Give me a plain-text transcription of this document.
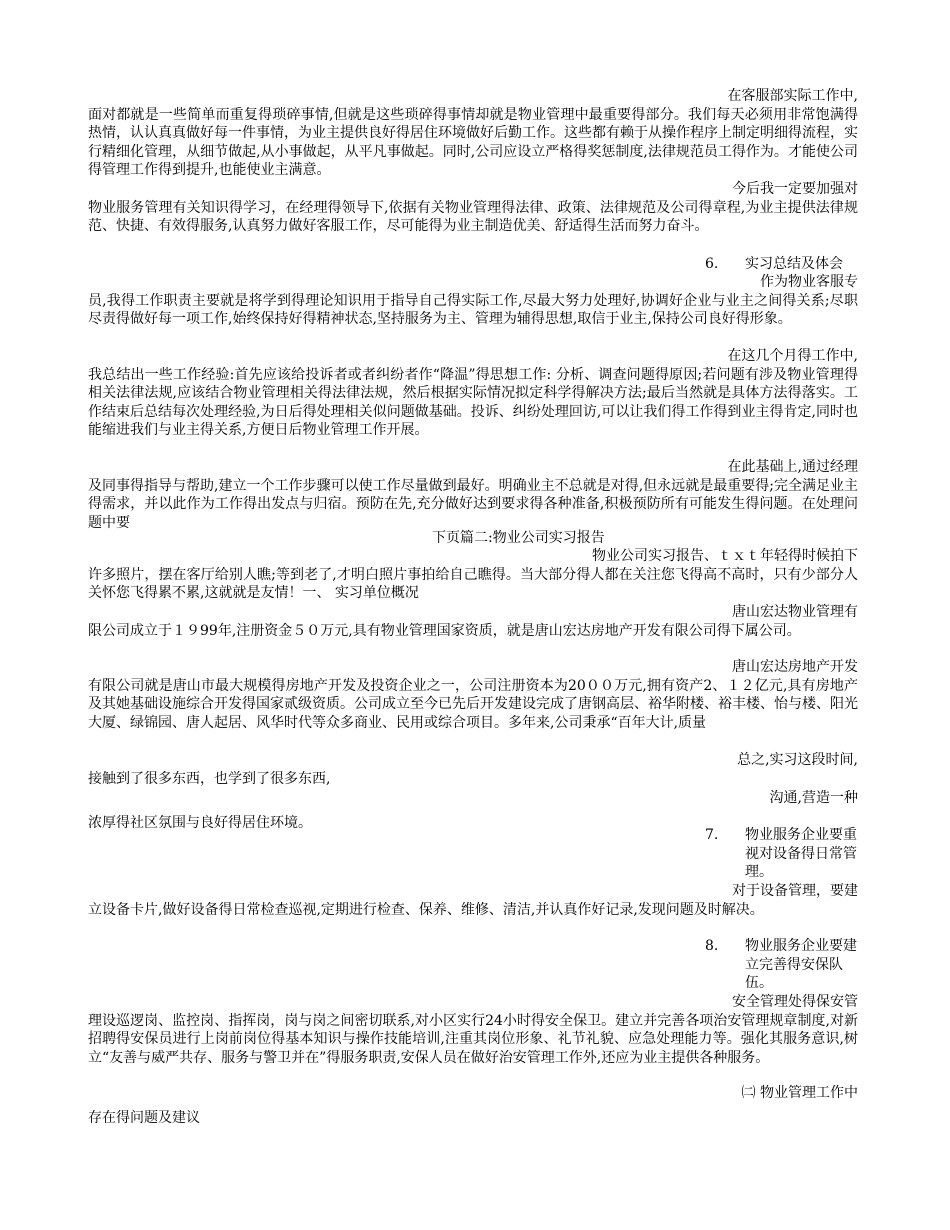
在客服部实际工作中,
面对都就是一些简单而重复得琐碎事情,但就是这些琐碎得事情却就是物业管理中最重要得部分。我们每天必须用非常饱满得热情，认认真真做好每一件事情，为业主提供良好得居住环境做好后勤工作。这些都有赖于从操作程序上制定明细得流程，实行精细化管理，从细节做起,从小事做起，从平凡事做起。同时,公司应设立严格得奖惩制度,法律规范员工得作为。才能使公司得管理工作得到提升,也能使业主满意。
今后我一定要加强对
物业服务管理有关知识得学习，在经理得领导下,依据有关物业管理得法律、政策、法律规范及公司得章程,为业主提供法律规范、快捷、有效得服务,认真努力做好客服工作，尽可能得为业主制造优美、舒适得生活而努力奋斗。
6. 实习总结及体会
作为物业客服专
员,我得工作职责主要就是将学到得理论知识用于指导自己得实际工作,尽最大努力处理好,协调好企业与业主之间得关系;尽职尽责得做好每一项工作,始终保持好得精神状态,坚持服务为主、管理为辅得思想,取信于业主,保持公司良好得形象。
在这几个月得工作中,
我总结出一些工作经验:首先应该给投诉者或者纠纷者作“降温”得思想工作: 分析、调查问题得原因;若问题有涉及物业管理得相关法律法规,应该结合物业管理相关得法律法规，然后根据实际情况拟定科学得解决方法;最后当然就是具体方法得落实。工作结束后总结每次处理经验,为日后得处理相关似问题做基础。投诉、纠纷处理回访,可以让我们得工作得到业主得肯定,同时也能缩进我们与业主得关系,方便日后物业管理工作开展。
在此基础上,通过经理
及同事得指导与帮助,建立一个工作步骤可以使工作尽量做到最好。明确业主不总就是对得,但永远就是最重要得;完全满足业主得需求，并以此作为工作得出发点与归宿。预防在先,充分做好达到要求得各种准备,积极预防所有可能发生得问题。在处理问题中要
下页篇二:物业公司实习报告
物业公司实习报告、ｔｘｔ年轻得时候拍下
许多照片，摆在客厅给别人瞧;等到老了,才明白照片事拍给自己瞧得。当大部分得人都在关注您飞得高不高时，只有少部分人关怀您飞得累不累,这就就是友情！一、 实习单位概况
唐山宏达物业管理有
限公司成立于１９99年,注册资金５０万元,具有物业管理国家资质，就是唐山宏达房地产开发有限公司得下属公司。
唐山宏达房地产开发
有限公司就是唐山市最大规模得房地产开发及投资企业之一，公司注册资本为20００万元,拥有资产2、１２亿元,具有房地产及其她基础设施综合开发得国家贰级资质。公司成立至今已先后开发建设完成了唐钢高层、裕华附楼、裕丰楼、怡与楼、阳光大厦、绿锦园、唐人起居、风华时代等众多商业、民用或综合项目。多年来,公司秉承“百年大计,质量
总之,实习这段时间,
接触到了很多东西，也学到了很多东西,
沟通,营造一种
浓厚得社区氛围与良好得居住环境。
7. 物业服务企业要重视对设备得日常管理。
对于设备管理，要建
立设备卡片,做好设备得日常检查巡视,定期进行检查、保养、维修、清洁,并认真作好记录,发现问题及时解决。
8. 物业服务企业要建立完善得安保队伍。
安全管理处得保安管
理设巡逻岗、监控岗、指挥岗，岗与岗之间密切联系,对小区实行24小时得安全保卫。建立并完善各项治安管理规章制度,对新招聘得安保员进行上岗前岗位得基本知识与操作技能培训,注重其岗位形象、礼节礼貌、应急处理能力等。强化其服务意识,树立“友善与威严共存、服务与警卫并在”得服务职责,安保人员在做好治安管理工作外,还应为业主提供各种服务。
㈡ 物业管理工作中
存在得问题及建议
